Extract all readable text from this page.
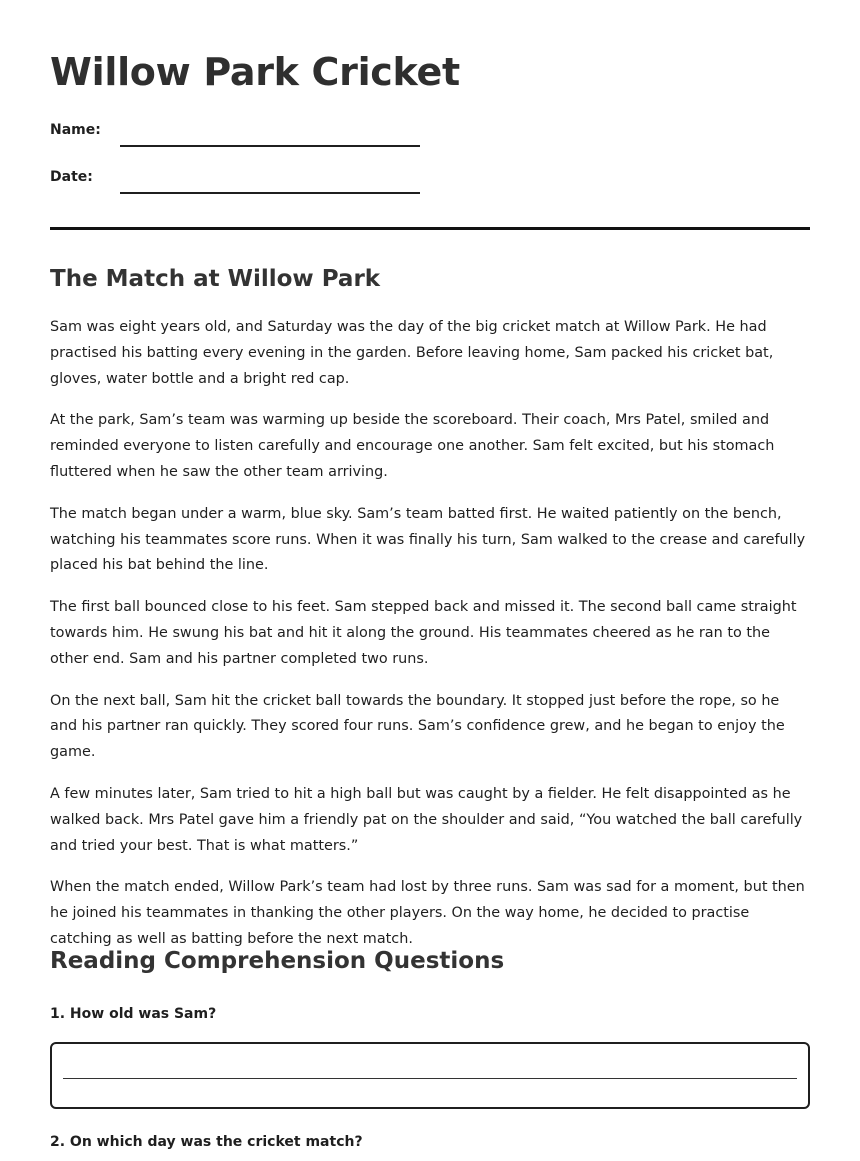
Willow Park Cricket
Name:
Date:
The Match at Willow Park

Sam was eight years old, and Saturday was the day of the big cricket match at Willow Park. He had practised his batting every evening in the garden. Before leaving home, Sam packed his cricket bat, gloves, water bottle and a bright red cap.

At the park, Sam’s team was warming up beside the scoreboard. Their coach, Mrs Patel, smiled and reminded everyone to listen carefully and encourage one another. Sam felt excited, but his stomach fluttered when he saw the other team arriving.

The match began under a warm, blue sky. Sam’s team batted first. He waited patiently on the bench, watching his teammates score runs. When it was finally his turn, Sam walked to the crease and carefully placed his bat behind the line.

The first ball bounced close to his feet. Sam stepped back and missed it. The second ball came straight towards him. He swung his bat and hit it along the ground. His teammates cheered as he ran to the other end. Sam and his partner completed two runs.

On the next ball, Sam hit the cricket ball towards the boundary. It stopped just before the rope, so he and his partner ran quickly. They scored four runs. Sam’s confidence grew, and he began to enjoy the game.

A few minutes later, Sam tried to hit a high ball but was caught by a fielder. He felt disappointed as he walked back. Mrs Patel gave him a friendly pat on the shoulder and said, “You watched the ball carefully and tried your best. That is what matters.”

When the match ended, Willow Park’s team had lost by three runs. Sam was sad for a moment, but then he joined his teammates in thanking the other players. On the way home, he decided to practise catching as well as batting before the next match.

Reading Comprehension Questions
1. How old was Sam?
2. On which day was the cricket match?
